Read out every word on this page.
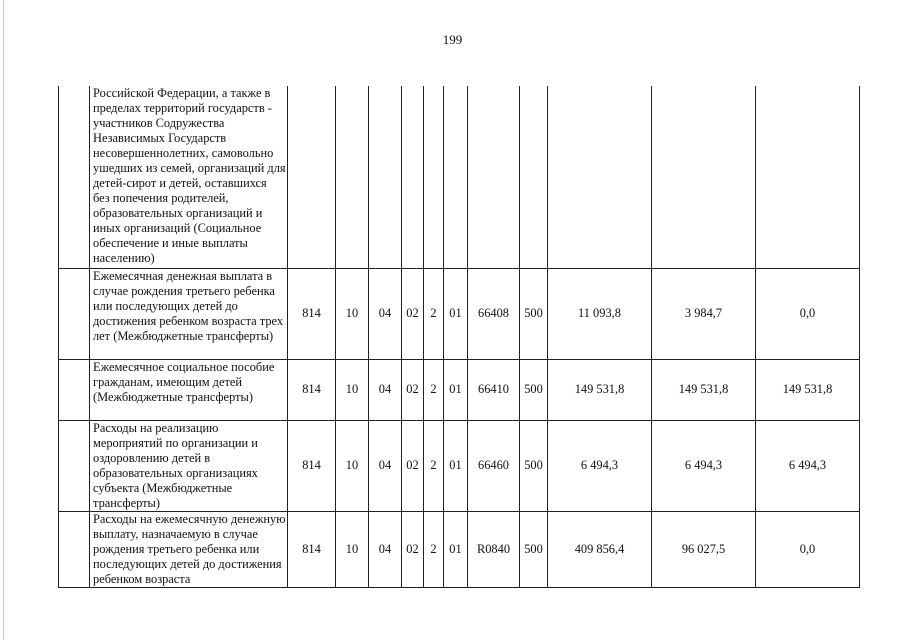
199
	Российской Федерации, а также в пределах территорий государств - участников Содружества Независимых Государств несовершеннолетних, самовольно ушедших из семей, организаций для детей-сирот и детей, оставшихся без попечения родителей, образовательных организаций и иных организаций (Социальное обеспечение и иные выплаты населению)											
	Ежемесячная денежная выплата в случае рождения третьего ребенка или последующих детей до достижения ребенком возраста трех лет (Межбюджетные трансферты)	814	10	04	02	2	01	66408	500	11 093,8	3 984,7	0,0
	Ежемесячное социальное пособие гражданам, имеющим детей (Межбюджетные трансферты)	814	10	04	02	2	01	66410	500	149 531,8	149 531,8	149 531,8
	Расходы на реализацию мероприятий по организации и оздоровлению детей в образовательных организациях субъекта (Межбюджетные трансферты)	814	10	04	02	2	01	66460	500	6 494,3	6 494,3	6 494,3
	Расходы на ежемесячную денежную выплату, назначаемую в случае рождения третьего ребенка или последующих детей до достижения ребенком возраста	814	10	04	02	2	01	R0840	500	409 856,4	96 027,5	0,0
